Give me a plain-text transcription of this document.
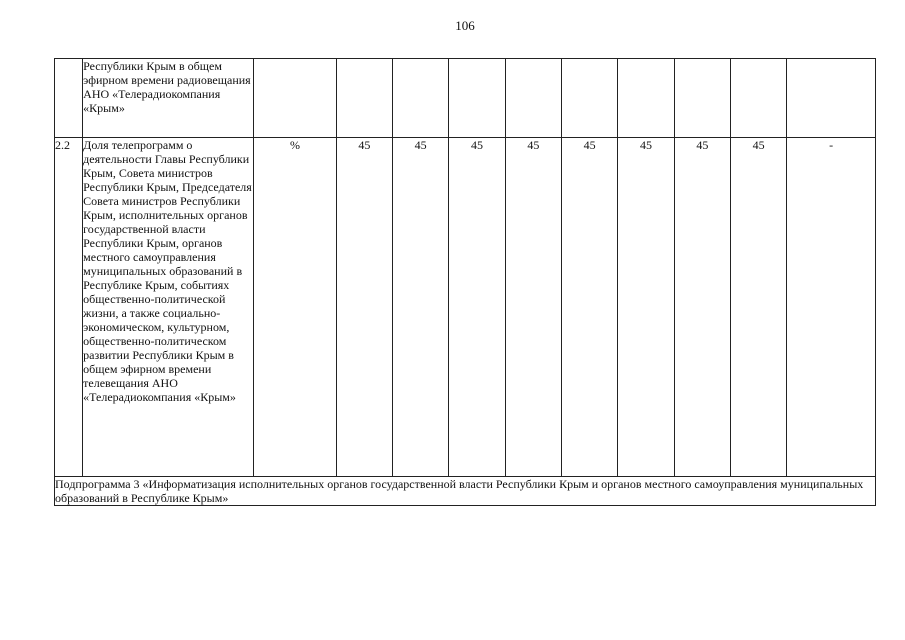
106
	Республики Крым в общем эфирном времени радиовещания АНО «Телерадиокомпания «Крым»										
2.2	Доля телепрограмм о деятельности Главы Республики Крым, Совета министров Республики Крым, Председателя Совета министров Республики Крым, исполнительных органов государственной власти Республики Крым, органов местного самоуправления муниципальных образований в Республике Крым, событиях общественно-политической жизни, а также социально-экономическом, культурном, общественно-политическом развитии Республики Крым в общем эфирном времени телевещания АНО «Телерадиокомпания «Крым»	%	45	45	45	45	45	45	45	45	-
Подпрограмма 3 «Информатизация исполнительных органов государственной власти Республики Крым и органов местного самоуправления муниципальных образований в Республике Крым»											
